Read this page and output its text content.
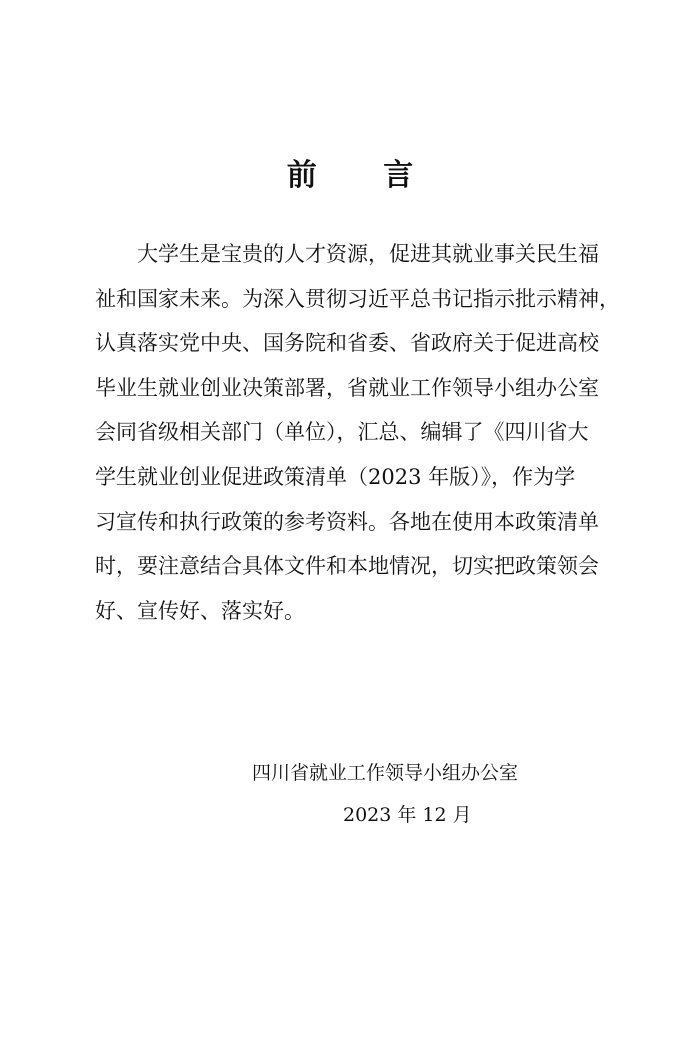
前 言
大学生是宝贵的人才资源，促进其就业事关民生福
祉和国家未来。为深入贯彻习近平总书记指示批示精神，
认真落实党中央、国务院和省委、省政府关于促进高校
毕业生就业创业决策部署，省就业工作领导小组办公室
会同省级相关部门（单位），汇总、编辑了《四川省大
学生就业创业促进政策清单（2023 年版）》，作为学
习宣传和执行政策的参考资料。各地在使用本政策清单
时，要注意结合具体文件和本地情况，切实把政策领会
好、宣传好、落实好。
四川省就业工作领导小组办公室
2023 年 12 月
